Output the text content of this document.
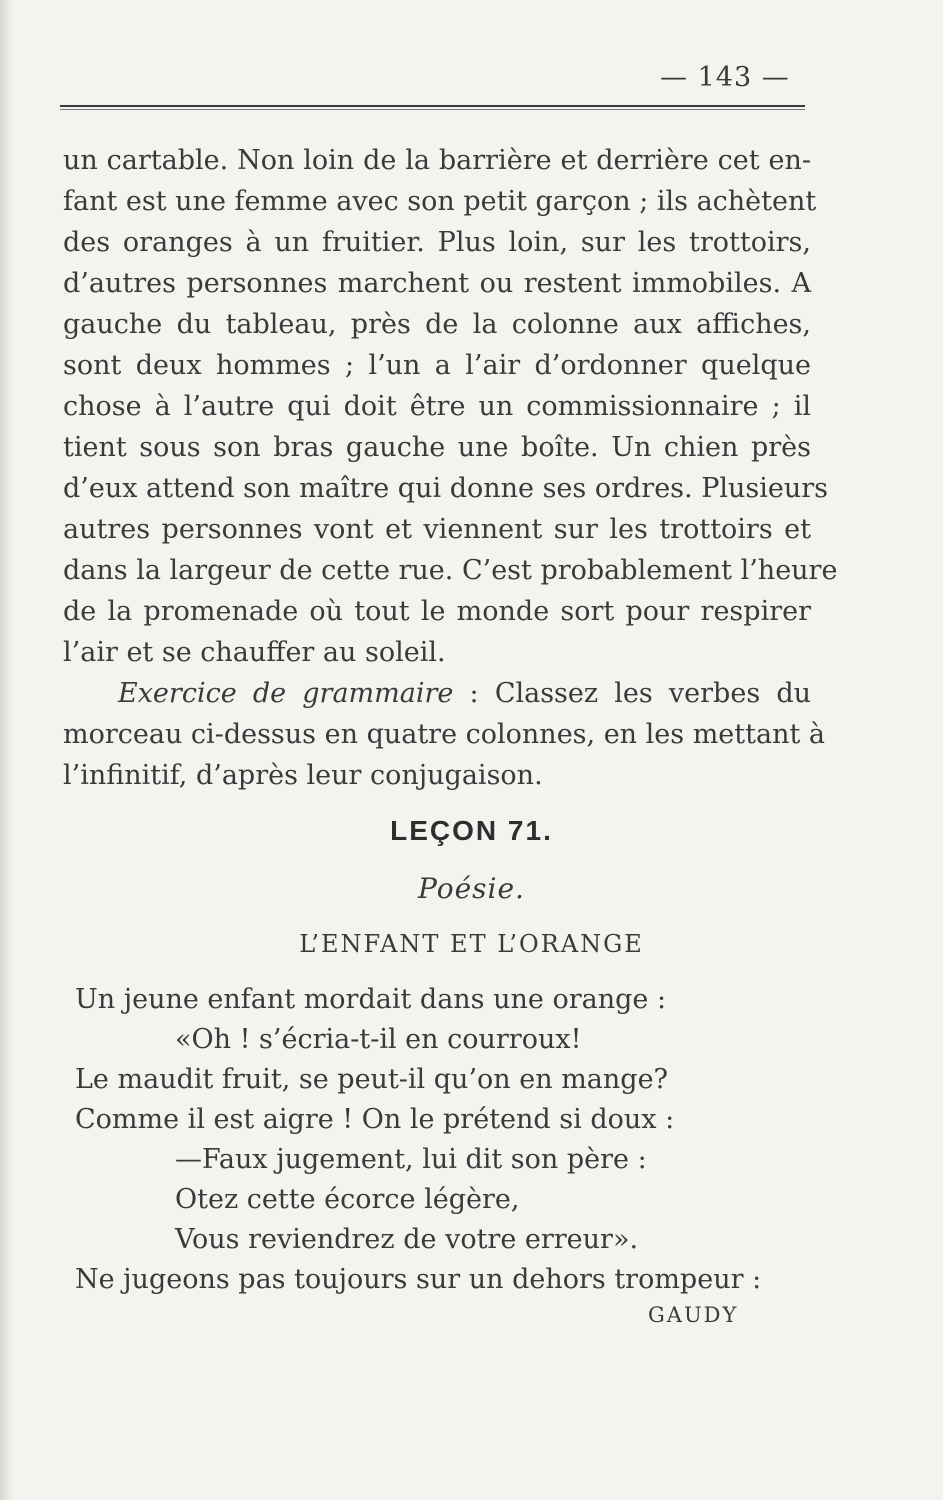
— 143 —
un cartable. Non loin de la barrière et derrière cet en-
fant est une femme avec son petit garçon ; ils achètent
des oranges à un fruitier. Plus loin, sur les trottoirs,
d’autres personnes marchent ou restent immobiles. A
gauche du tableau, près de la colonne aux affiches,
sont deux hommes ; l’un a l’air d’ordonner quelque
chose à l’autre qui doit être un commissionnaire ; il
tient sous son bras gauche une boîte. Un chien près
d’eux attend son maître qui donne ses ordres. Plusieurs
autres personnes vont et viennent sur les trottoirs et
dans la largeur de cette rue. C’est probablement l’heure
de la promenade où tout le monde sort pour respirer
l’air et se chauffer au soleil.
Exercice de grammaire : Classez les verbes du
morceau ci-dessus en quatre colonnes, en les mettant à
l’infinitif, d’après leur conjugaison.
LEÇON 71.
Poésie.
L’ENFANT ET L’ORANGE
Un jeune enfant mordait dans une orange :
«Oh ! s’écria-t-il en courroux!
Le maudit fruit, se peut-il qu’on en mange?
Comme il est aigre ! On le prétend si doux :
—Faux jugement, lui dit son père :
Otez cette écorce légère,
Vous reviendrez de votre erreur».
Ne jugeons pas toujours sur un dehors trompeur :
GAUDY
